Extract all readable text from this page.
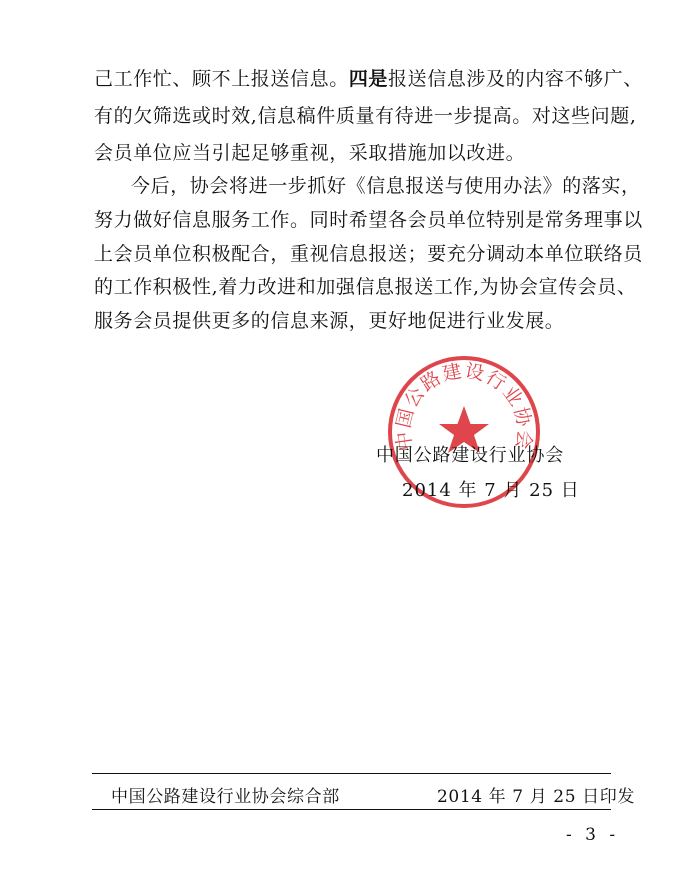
己工作忙、顾不上报送信息。四是报送信息涉及的内容不够广、
有的欠筛选或时效,信息稿件质量有待进一步提高。对这些问题,
会员单位应当引起足够重视，采取措施加以改进。
今后，协会将进一步抓好《信息报送与使用办法》的落实，
努力做好信息服务工作。同时希望各会员单位特别是常务理事以
上会员单位积极配合，重视信息报送；要充分调动本单位联络员
的工作积极性,着力改进和加强信息报送工作,为协会宣传会员、
服务会员提供更多的信息来源，更好地促进行业发展。
中国公路建设行业协会
中国公路建设行业协会
2014 年 7 月 25 日
中国公路建设行业协会综合部	2014 年 7 月 25 日印发
- 3 -
